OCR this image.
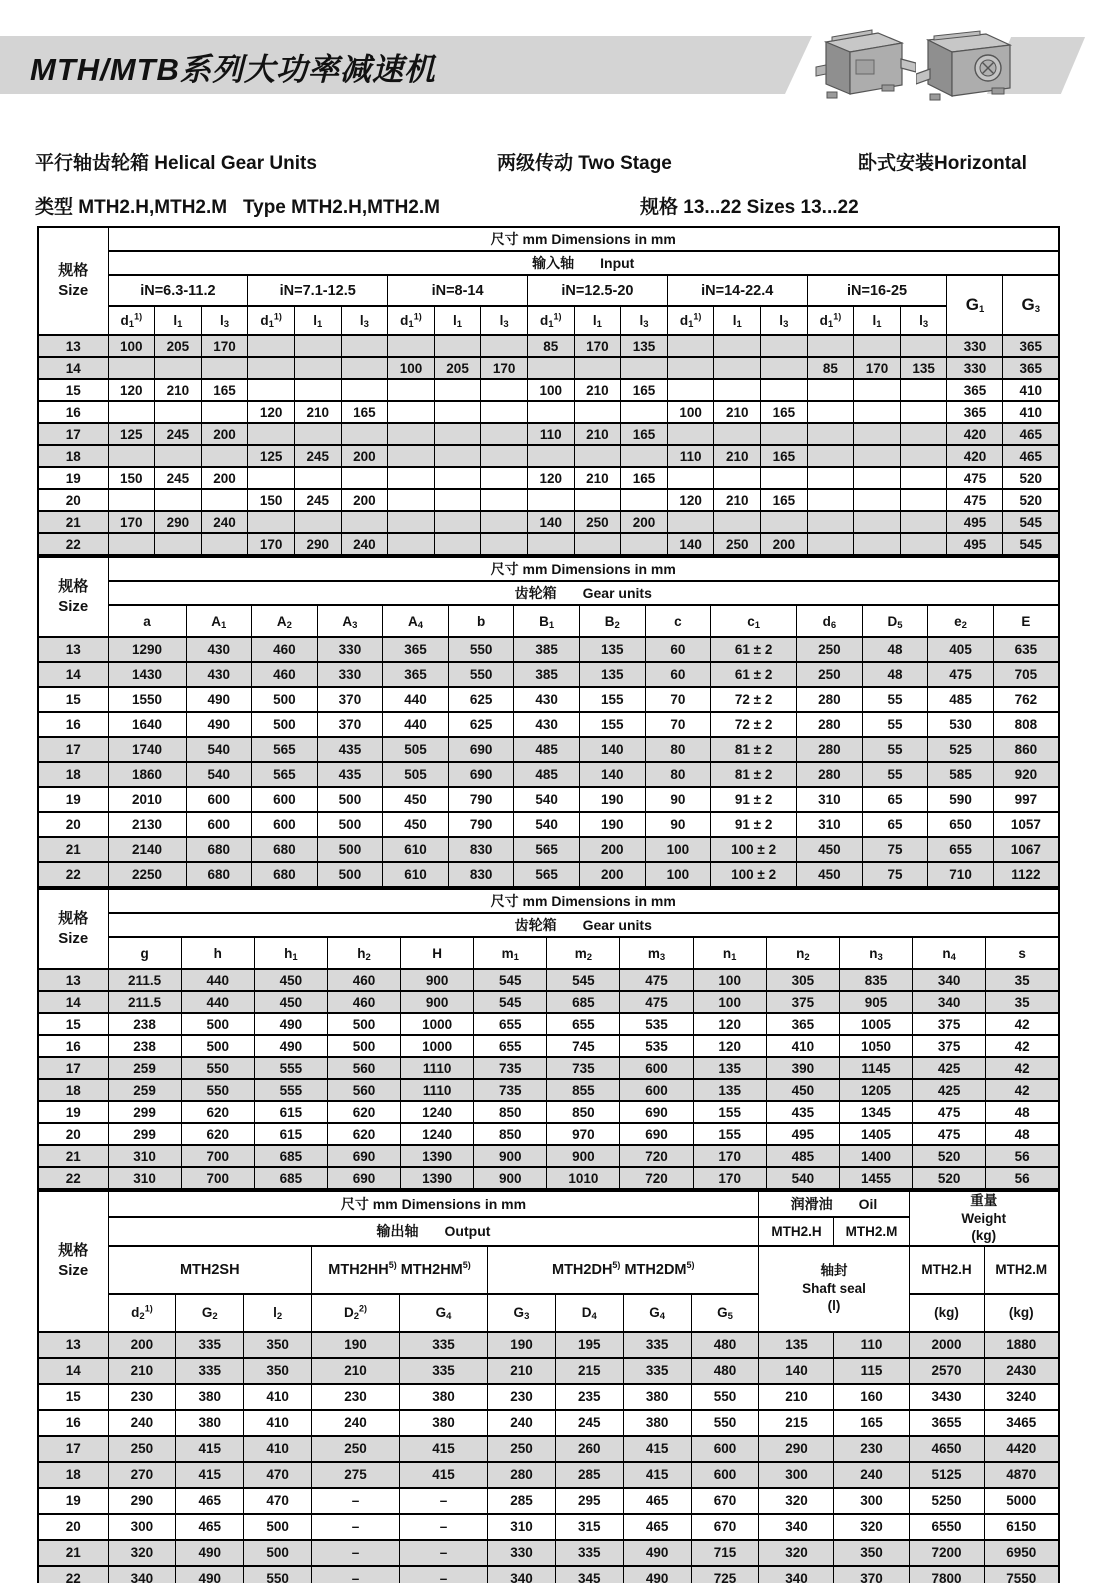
MTH/MTB系列大功率减速机
平行轴齿轮箱 Helical Gear Units	两级传动 Two Stage	卧式安装Horizontal
类型 MTH2.H,MTH2.M   Type MTH2.H,MTH2.M	规格 13...22 Sizes 13...22
规格
Size	尺寸 mm Dimensions in mm																			
	输入轴 Input																			
	iN=6.3-11.2			iN=7.1-12.5			iN=8-14			iN=12.5-20			iN=14-22.4			iN=16-25			$G_1$	$G_3$
	$d_1^{1)}$	$l_1$	$l_3$	$d_1^{1)}$	$l_1$	$l_3$	$d_1^{1)}$	$l_1$	$l_3$	$d_1^{1)}$	$l_1$	$l_3$	$d_1^{1)}$	$l_1$	$l_3$	$d_1^{1)}$	$l_1$	$l_3$
13	100	205	170							85	170	135							330	365
14							100	205	170							85	170	135	330	365
15	120	210	165							100	210	165							365	410
16				120	210	165							100	210	165				365	410
17	125	245	200							110	210	165							420	465
18				125	245	200							110	210	165				420	465
19	150	245	200							120	210	165							475	520
20				150	245	200							120	210	165				475	520
21	170	290	240							140	250	200							495	545
22				170	290	240							140	250	200				495	545
规格
Size	尺寸 mm Dimensions in mm													
	齿轮箱 Gear units													
	a	$A_1$	$A_2$	$A_3$	$A_4$	b	$B_1$	$B_2$	c	$c_1$	$d_6$	$D_5$	$e_2$	E
13	1290	430	460	330	365	550	385	135	60	61 ± 2	250	48	405	635
14	1430	430	460	330	365	550	385	135	60	61 ± 2	250	48	475	705
15	1550	490	500	370	440	625	430	155	70	72 ± 2	280	55	485	762
16	1640	490	500	370	440	625	430	155	70	72 ± 2	280	55	530	808
17	1740	540	565	435	505	690	485	140	80	81 ± 2	280	55	525	860
18	1860	540	565	435	505	690	485	140	80	81 ± 2	280	55	585	920
19	2010	600	600	500	450	790	540	190	90	91 ± 2	310	65	590	997
20	2130	600	600	500	450	790	540	190	90	91 ± 2	310	65	650	1057
21	2140	680	680	500	610	830	565	200	100	100 ± 2	450	75	655	1067
22	2250	680	680	500	610	830	565	200	100	100 ± 2	450	75	710	1122
规格
Size	尺寸 mm Dimensions in mm												
	齿轮箱 Gear units												
	g	h	$h_1$	$h_2$	H	$m_1$	$m_2$	$m_3$	$n_1$	$n_2$	$n_3$	$n_4$	s
13	211.5	440	450	460	900	545	545	475	100	305	835	340	35
14	211.5	440	450	460	900	545	685	475	100	375	905	340	35
15	238	500	490	500	1000	655	655	535	120	365	1005	375	42
16	238	500	490	500	1000	655	745	535	120	410	1050	375	42
17	259	550	555	560	1110	735	735	600	135	390	1145	425	42
18	259	550	555	560	1110	735	855	600	135	450	1205	425	42
19	299	620	615	620	1240	850	850	690	155	435	1345	475	48
20	299	620	615	620	1240	850	970	690	155	495	1405	475	48
21	310	700	685	690	1390	900	900	720	170	485	1400	520	56
22	310	700	685	690	1390	900	1010	720	170	540	1455	520	56
规格
Size	尺寸 mm Dimensions in mm									润滑油 Oil		重量
Weight
(kg)	
	输出轴 Output									MTH2.H	MTH2.M		
	MTH2SH			MTH2HH$^{5)}$ MTH2HM$^{5)}$		MTH2DH$^{5)}$ MTH2DM$^{5)}$				轴封
Shaft seal
(l)		MTH2.H	MTH2.M
	$d_2^{1)}$	$G_2$	$l_2$	$D_2^{2)}$	$G_4$	$G_3$	$D_4$	$G_4$	$G_5$			(kg)	(kg)
13	200	335	350	190	335	190	195	335	480	135	110	2000	1880
14	210	335	350	210	335	210	215	335	480	140	115	2570	2430
15	230	380	410	230	380	230	235	380	550	210	160	3430	3240
16	240	380	410	240	380	240	245	380	550	215	165	3655	3465
17	250	415	410	250	415	250	260	415	600	290	230	4650	4420
18	270	415	470	275	415	280	285	415	600	300	240	5125	4870
19	290	465	470	–	–	285	295	465	670	320	300	5250	5000
20	300	465	500	–	–	310	315	465	670	340	320	6550	6150
21	320	490	500	–	–	330	335	490	715	320	350	7200	6950
22	340	490	550	–	–	340	345	490	725	340	370	7800	7550
